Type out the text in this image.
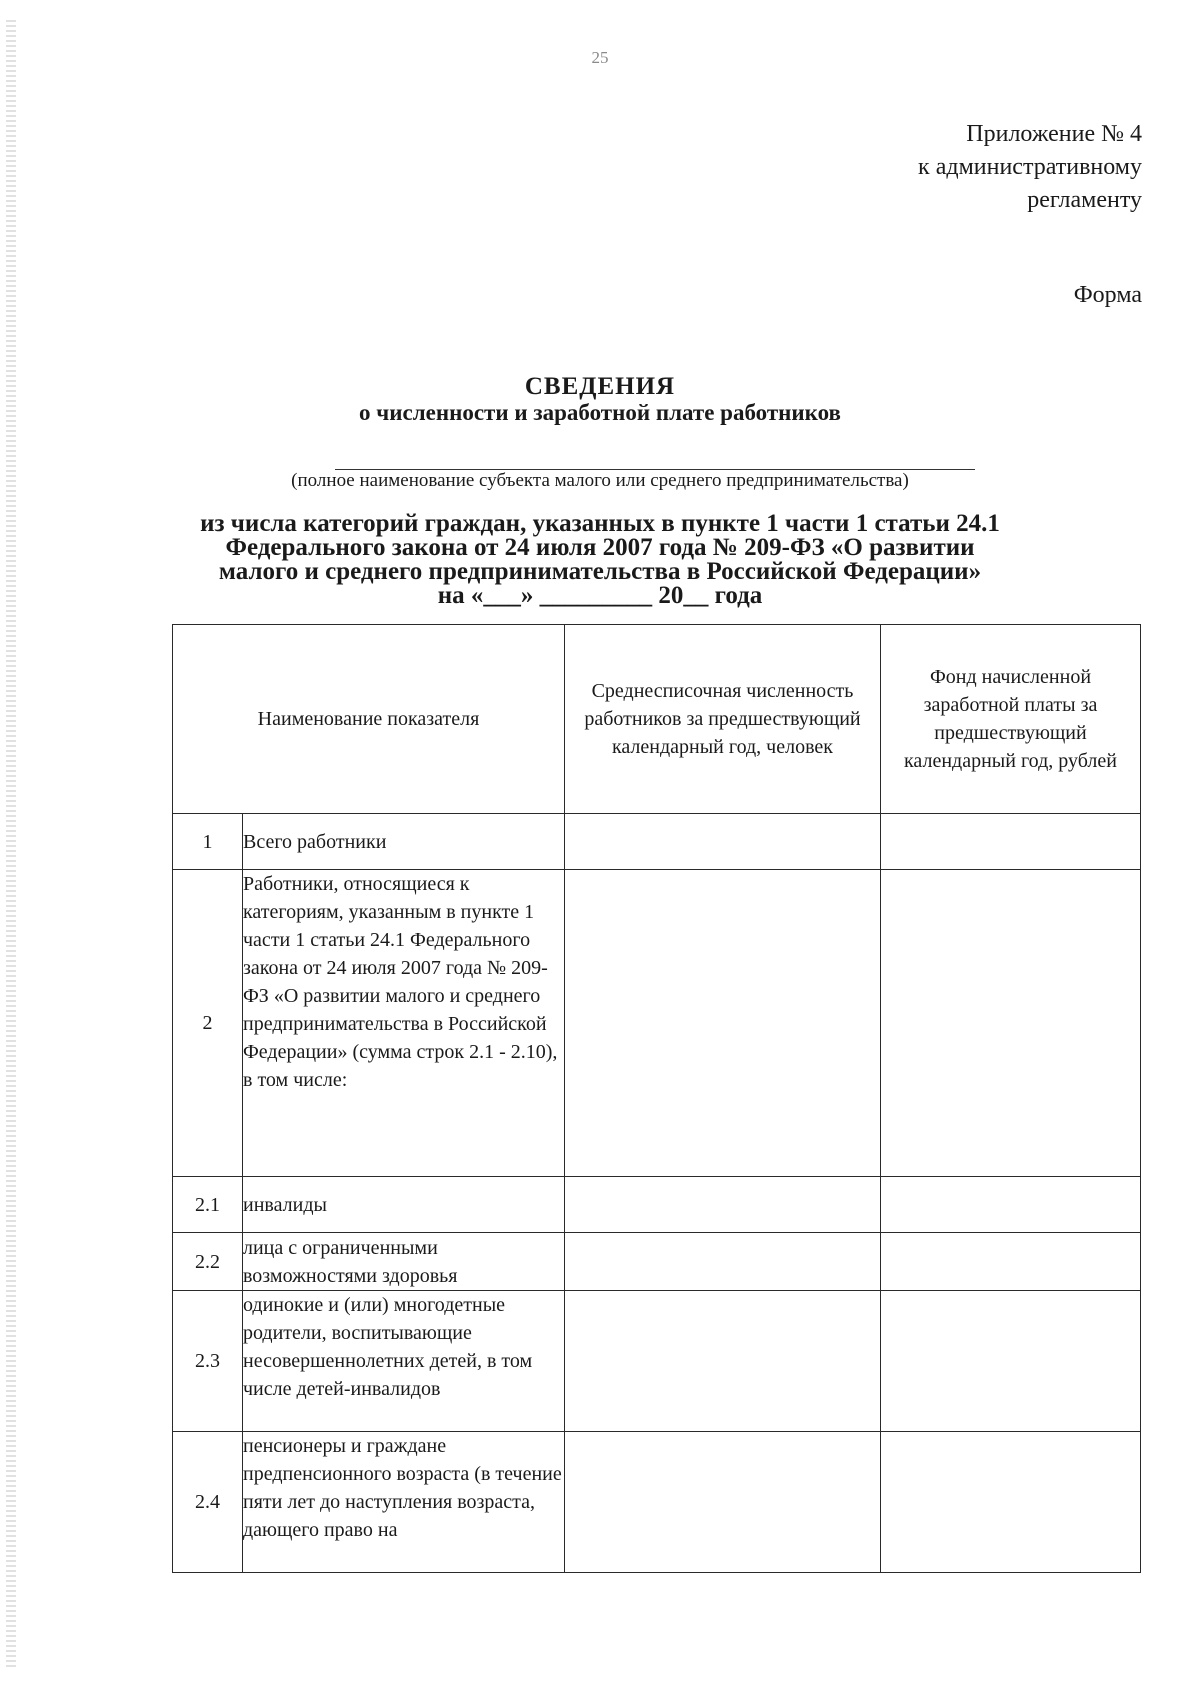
25
Приложение № 4
к административному
регламенту
Форма
СВЕДЕНИЯ
о численности и заработной плате работников
(полное наименование субъекта малого или среднего предпринимательства)
из числа категорий граждан, указанных в пункте 1 части 1 статьи 24.1
Федерального закона от 24 июля 2007 года № 209-ФЗ «О развитии
малого и среднего предпринимательства в Российской Федерации»
на «___» _________ 20__ года
Наименование показателя		Среднесписочная численность работников за предшествующий календарный год, человек	Фонд начисленной заработной платы за предшествующий календарный год, рублей
1	Всего работники		
2	Работники, относящиеся к категориям, указанным в пункте 1 части 1 статьи 24.1 Федерального закона от 24 июля 2007 года № 209-ФЗ «О развитии малого и среднего предпринимательства в Российской Федерации» (сумма строк 2.1 - 2.10), в том числе:		
2.1	инвалиды		
2.2	лица с ограниченными возможностями здоровья		
2.3	одинокие и (или) многодетные родители, воспитывающие несовершеннолетних детей, в том числе детей-инвалидов		
2.4	пенсионеры и граждане предпенсионного возраста (в течение пяти лет до наступления возраста, дающего право на		
